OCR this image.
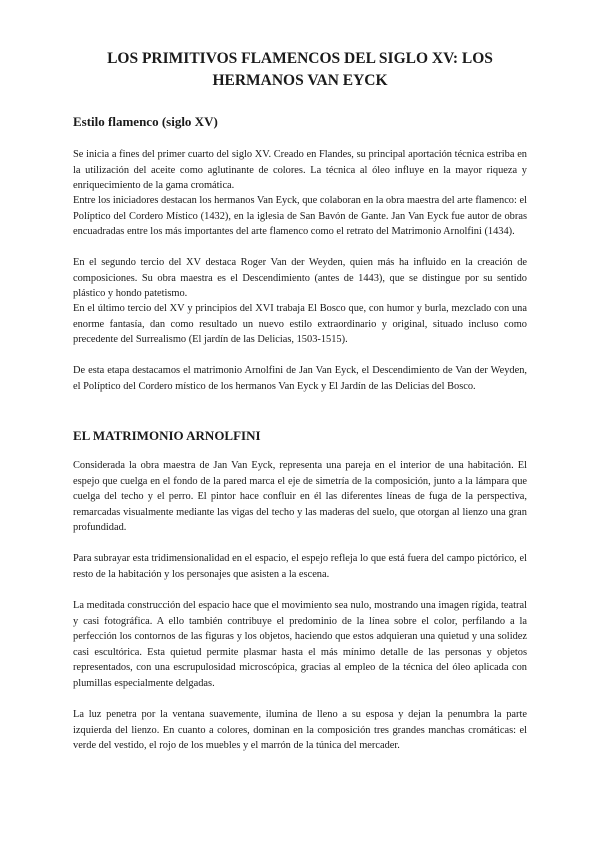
LOS PRIMITIVOS FLAMENCOS DEL SIGLO XV: LOS
HERMANOS VAN EYCK
Estilo flamenco (siglo XV)

Se inicia a fines del primer cuarto del siglo XV. Creado en Flandes, su principal aportación técnica estriba en la utilización del aceite como aglutinante de colores. La técnica al óleo influye en la mayor riqueza y enriquecimiento de la gama cromática.

Entre los iniciadores destacan los hermanos Van Eyck, que colaboran en la obra maestra del arte flamenco: el Políptico del Cordero Místico (1432), en la iglesia de San Bavón de Gante. Jan Van Eyck fue autor de obras encuadradas entre los más importantes del arte flamenco como el retrato del Matrimonio Arnolfini (1434).

En el segundo tercio del XV destaca Roger Van der Weyden, quien más ha influido en la creación de composiciones. Su obra maestra es el Descendimiento (antes de 1443), que se distingue por su sentido plástico y hondo patetismo.

En el último tercio del XV y principios del XVI trabaja El Bosco que, con humor y burla, mezclado con una enorme fantasía, dan como resultado un nuevo estilo extraordinario y original, situado incluso como precedente del Surrealismo (El jardín de las Delicias, 1503-1515).

De esta etapa destacamos el matrimonio Arnolfini de Jan Van Eyck, el Descendimiento de Van der Weyden, el Políptico del Cordero místico de los hermanos Van Eyck y El Jardín de las Delicias del Bosco.

EL MATRIMONIO ARNOLFINI

Considerada la obra maestra de Jan Van Eyck, representa una pareja en el interior de una habitación. El espejo que cuelga en el fondo de la pared marca el eje de simetría de la composición, junto a la lámpara que cuelga del techo y el perro. El pintor hace confluir en él las diferentes líneas de fuga de la perspectiva, remarcadas visualmente mediante las vigas del techo y las maderas del suelo, que otorgan al lienzo una gran profundidad.

Para subrayar esta tridimensionalidad en el espacio, el espejo refleja lo que está fuera del campo pictórico, el resto de la habitación y los personajes que asisten a la escena.

La meditada construcción del espacio hace que el movimiento sea nulo, mostrando una imagen rígida, teatral y casi fotográfica. A ello también contribuye el predominio de la línea sobre el color, perfilando a la perfección los contornos de las figuras y los objetos, haciendo que estos adquieran una quietud y una solidez casi escultórica. Esta quietud permite plasmar hasta el más mínimo detalle de las personas y objetos representados, con una escrupulosidad microscópica, gracias al empleo de la técnica del óleo aplicada con plumillas especialmente delgadas.

La luz penetra por la ventana suavemente, ilumina de lleno a su esposa y dejan la penumbra la parte izquierda del lienzo. En cuanto a colores, dominan en la composición tres grandes manchas cromáticas: el verde del vestido, el rojo de los muebles y el marrón de la túnica del mercader.
